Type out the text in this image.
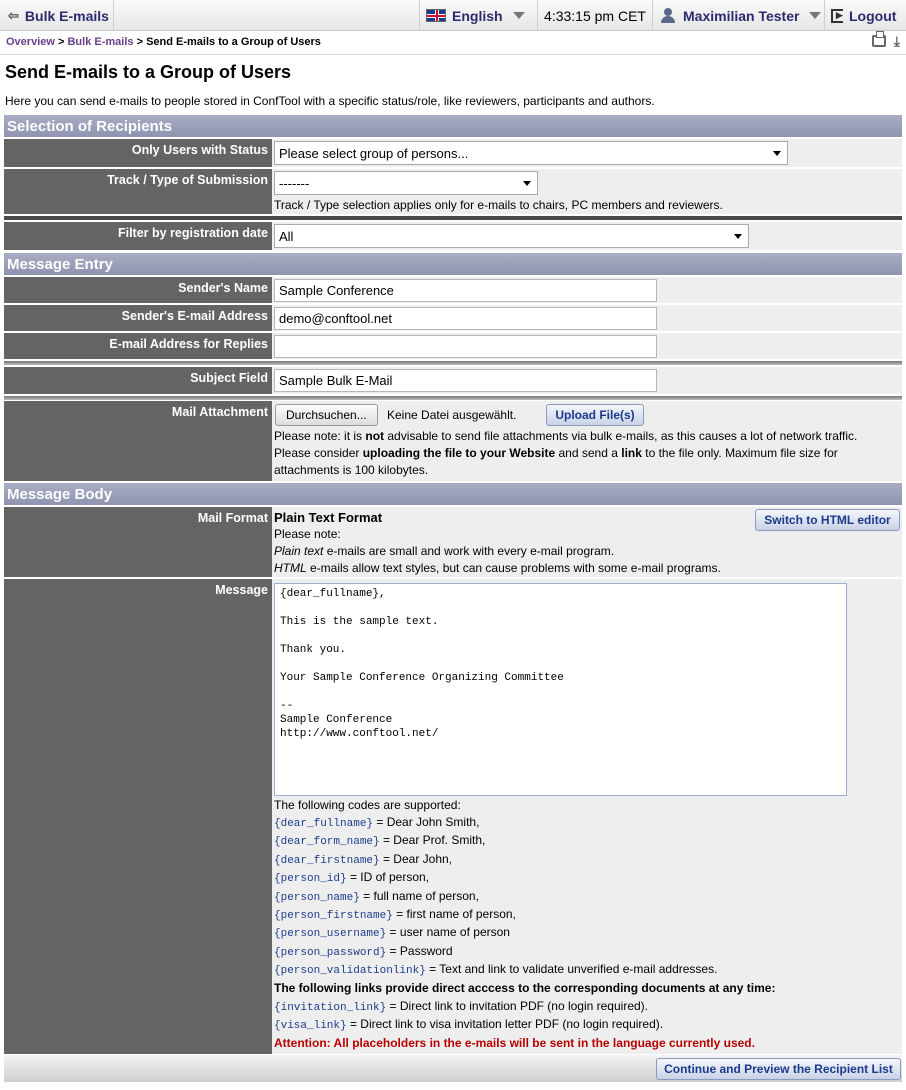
⇦ Bulk E-mails	English	4:33:15 pm CET	Maximilian Tester
▸	Logout
Overview > Bulk E-mails > Send E-mails to a Group of Users	⤓
Send E-mails to a Group of Users
Here you can send e-mails to people stored in ConfTool with a specific status/role, like reviewers, participants and authors.
Selection of Recipients
Only Users with Status Please select group of persons...
Track / Type of Submission -------
Track / Type selection applies only for e-mails to chairs, PC members and reviewers.
Filter by registration date All
Message Entry
Sender's Name Sample Conference
Sender's E-mail Address demo@conftool.net
E-mail Address for Replies
Subject Field Sample Bulk E-Mail
Mail Attachment	Durchsuchen...	Keine Datei ausgewählt.	Upload File(s)
Please note: it is not advisable to send file attachments via bulk e-mails, as this causes a lot of network traffic. Please consider uploading the file to your Website and send a link to the file only. Maximum file size for attachments is 100 kilobytes.
Message Body
Mail Format Plain Text Format
Please note:
Plain text e-mails are small and work with every e-mail program.
HTML e-mails allow text styles, but can cause problems with some e-mail programs.
Switch to HTML editor
Message
{dear_fullname}, This is the sample text. Thank you. Your Sample Conference Organizing Committee -- Sample Conference http://www.conftool.net/
The following codes are supported:
{dear_fullname} = Dear John Smith,
{dear_form_name} = Dear Prof. Smith,
{dear_firstname} = Dear John,
{person_id} = ID of person,
{person_name} = full name of person,
{person_firstname} = first name of person,
{person_username} = user name of person
{person_password} = Password
{person_validationlink} = Text and link to validate unverified e-mail addresses.
The following links provide direct acccess to the corresponding documents at any time:
{invitation_link} = Direct link to invitation PDF (no login required).
{visa_link} = Direct link to visa invitation letter PDF (no login required).
Attention: All placeholders in the e-mails will be sent in the language currently used.
Continue and Preview the Recipient List
